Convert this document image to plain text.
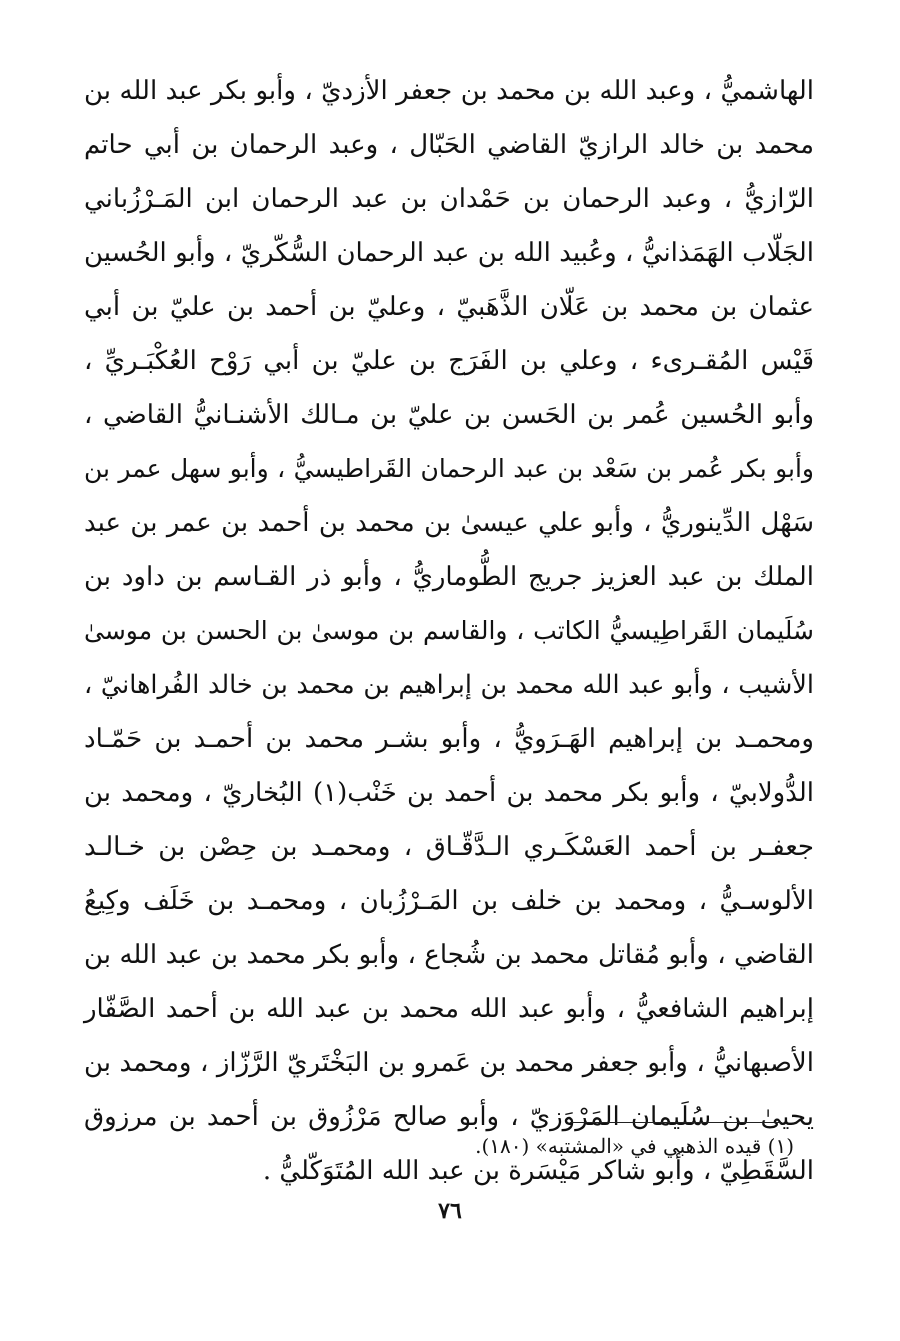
الهاشميُّ ، وعبد الله بن محمد بن جعفر الأزديّ ، وأبو بكر عبد الله بن
محمد بن خالد الرازيّ القاضي الحَبّال ، وعبد الرحمان بن أبي حاتم
الرّازيُّ ، وعبد الرحمان بن حَمْدان بن عبد الرحمان ابن المَـرْزُباني
الجَلّاب الهَمَذانيُّ ، وعُبيد الله بن عبد الرحمان السُّكّريّ ، وأبو الحُسين
عثمان بن محمد بن عَلّان الذَّهَبيّ ، وعليّ بن أحمد بن عليّ بن أبي
قَيْس المُقـرىء ، وعلي بن الفَرَج بن عليّ بن أبي رَوْح العُكْبَـريِّ ،
وأبو الحُسين عُمر بن الحَسن بن عليّ بن مـالك الأشنـانيُّ القاضي ،
وأبو بكر عُمر بن سَعْد بن عبد الرحمان القَراطيسيُّ ، وأبو سهل عمر بن
سَهْل الدِّينوريُّ ، وأبو علي عيسىٰ بن محمد بن أحمد بن عمر بن عبد
الملك بن عبد العزيز جريج الطُّوماريُّ ، وأبو ذر القـاسم بن داود بن
سُلَيمان القَراطِيسيُّ الكاتب ، والقاسم بن موسىٰ بن الحسن بن موسىٰ
الأشيب ، وأبو عبد الله محمد بن إبراهيم بن محمد بن خالد الفُراهانيّ ،
ومحمـد بن إبراهيم الهَـرَويُّ ، وأبو بشـر محمد بن أحمـد بن حَمّـاد
الدُّولابيّ ، وأبو بكر محمد بن أحمد بن خَنْب(١) البُخاريّ ، ومحمد بن
جعفـر بن أحمد العَسْكَـري الـدَّقّـاق ، ومحمـد بن حِصْن بن خـالـد
الألوسـيُّ ، ومحمد بن خلف بن المَـرْزُبان ، ومحمـد بن خَلَف وكِيعُ
القاضي ، وأبو مُقاتل محمد بن شُجاع ، وأبو بكر محمد بن عبد الله بن
إبراهيم الشافعيُّ ، وأبو عبد الله محمد بن عبد الله بن أحمد الصَّفّار
الأصبهانيُّ ، وأبو جعفر محمد بن عَمرو بن البَخْتَريّ الرَّزّاز ، ومحمد بن
يحيىٰ بن سُلَيمان المَرْوَزيّ ، وأبو صالح مَرْزُوق بن أحمد بن مرزوق
السَّقَطِيّ ، وأبو شاكر مَيْسَرة بن عبد الله المُتَوَكّليُّ .
(١) قيده الذهبي في «المشتبه» (١٨٠).
٧٦
